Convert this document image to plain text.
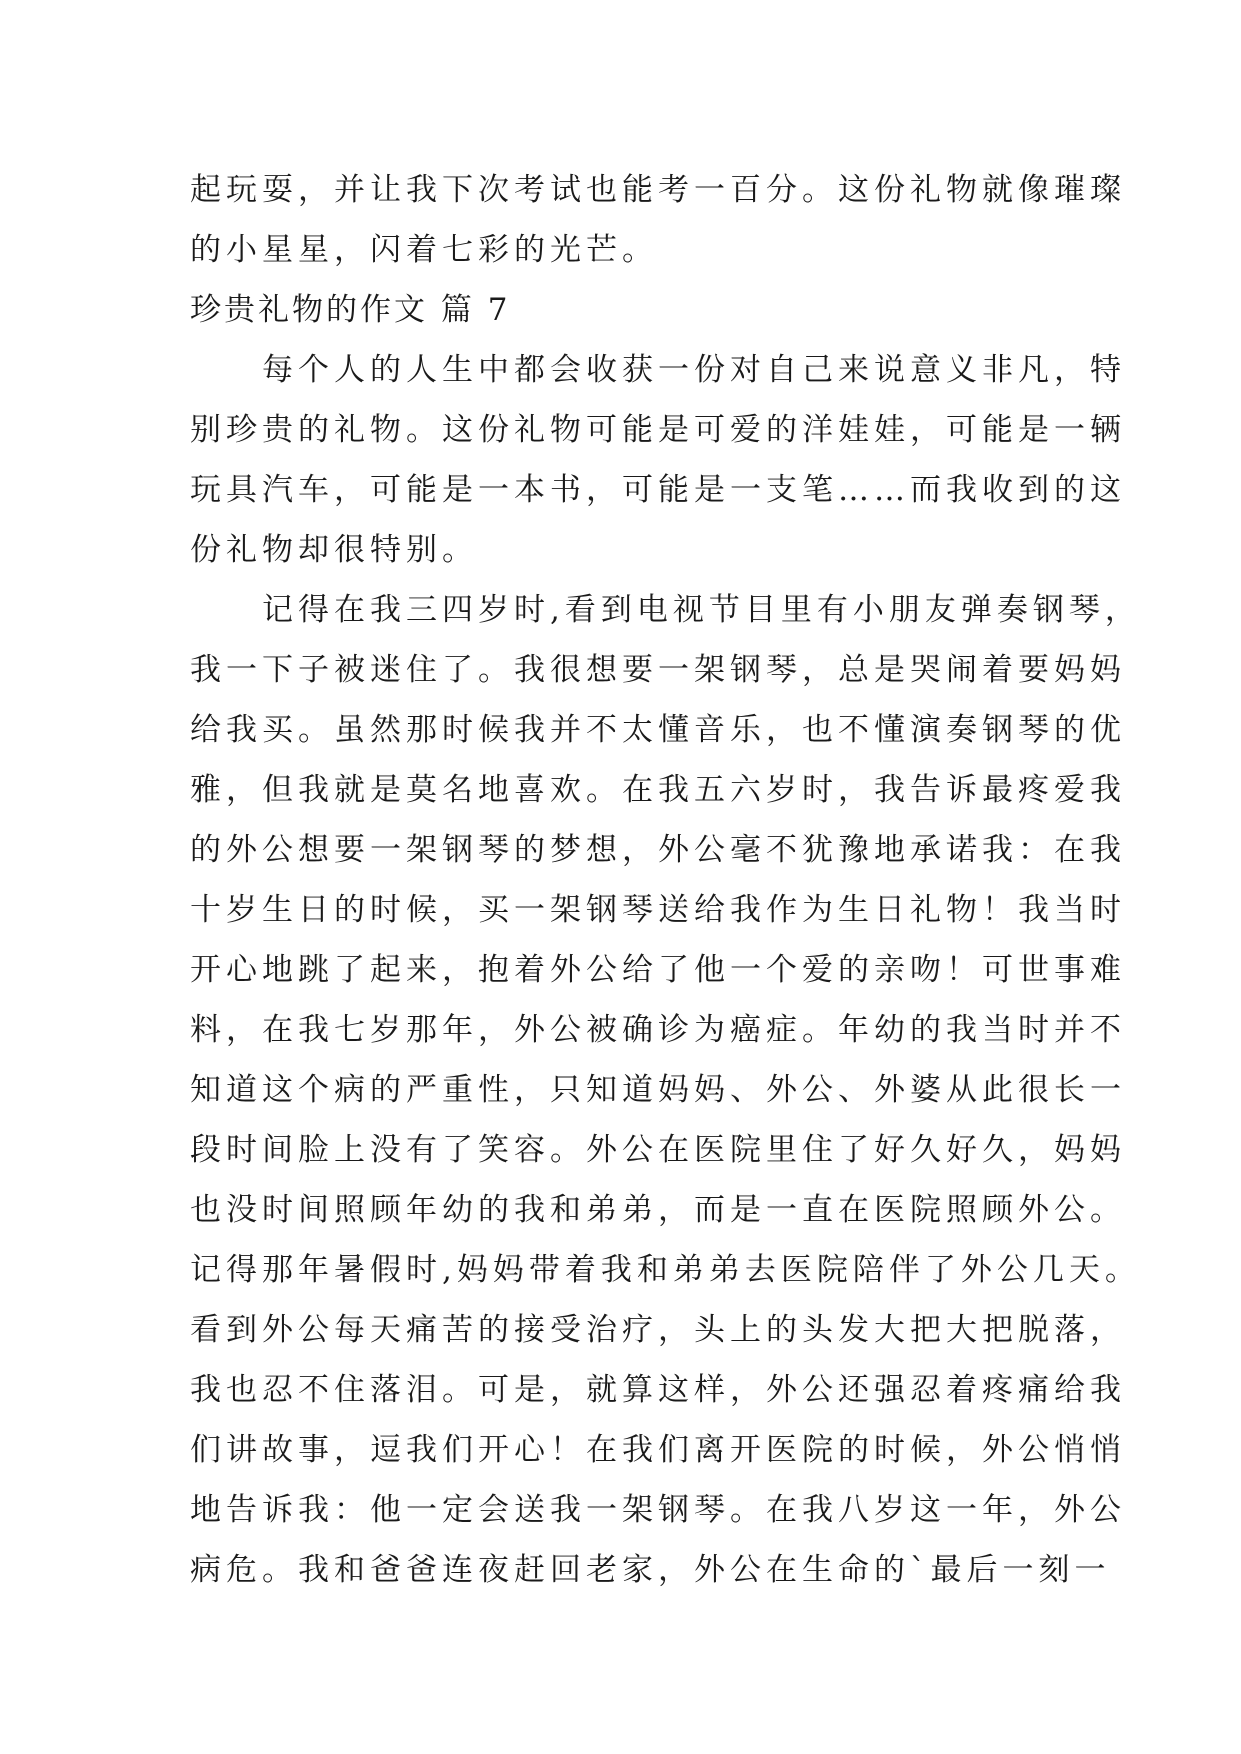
起玩耍，并让我下次考试也能考一百分。这份礼物就像璀璨
的小星星，闪着七彩的光芒。
珍贵礼物的作文 篇 7
　　每个人的人生中都会收获一份对自己来说意义非凡，特
别珍贵的礼物。这份礼物可能是可爱的洋娃娃，可能是一辆
玩具汽车，可能是一本书，可能是一支笔……而我收到的这
份礼物却很特别。
　　记得在我三四岁时,看到电视节目里有小朋友弹奏钢琴，
我一下子被迷住了。我很想要一架钢琴，总是哭闹着要妈妈
给我买。虽然那时候我并不太懂音乐，也不懂演奏钢琴的优
雅，但我就是莫名地喜欢。在我五六岁时，我告诉最疼爱我
的外公想要一架钢琴的梦想，外公毫不犹豫地承诺我：在我
十岁生日的时候，买一架钢琴送给我作为生日礼物！我当时
开心地跳了起来，抱着外公给了他一个爱的亲吻！可世事难
料，在我七岁那年，外公被确诊为癌症。年幼的我当时并不
知道这个病的严重性，只知道妈妈、外公、外婆从此很长一
段时间脸上没有了笑容。外公在医院里住了好久好久，妈妈
也没时间照顾年幼的我和弟弟，而是一直在医院照顾外公。
记得那年暑假时,妈妈带着我和弟弟去医院陪伴了外公几天。
看到外公每天痛苦的接受治疗，头上的头发大把大把脱落，
我也忍不住落泪。可是，就算这样，外公还强忍着疼痛给我
们讲故事，逗我们开心！在我们离开医院的时候，外公悄悄
地告诉我：他一定会送我一架钢琴。在我八岁这一年，外公
病危。我和爸爸连夜赶回老家，外公在生命的`最后一刻一
